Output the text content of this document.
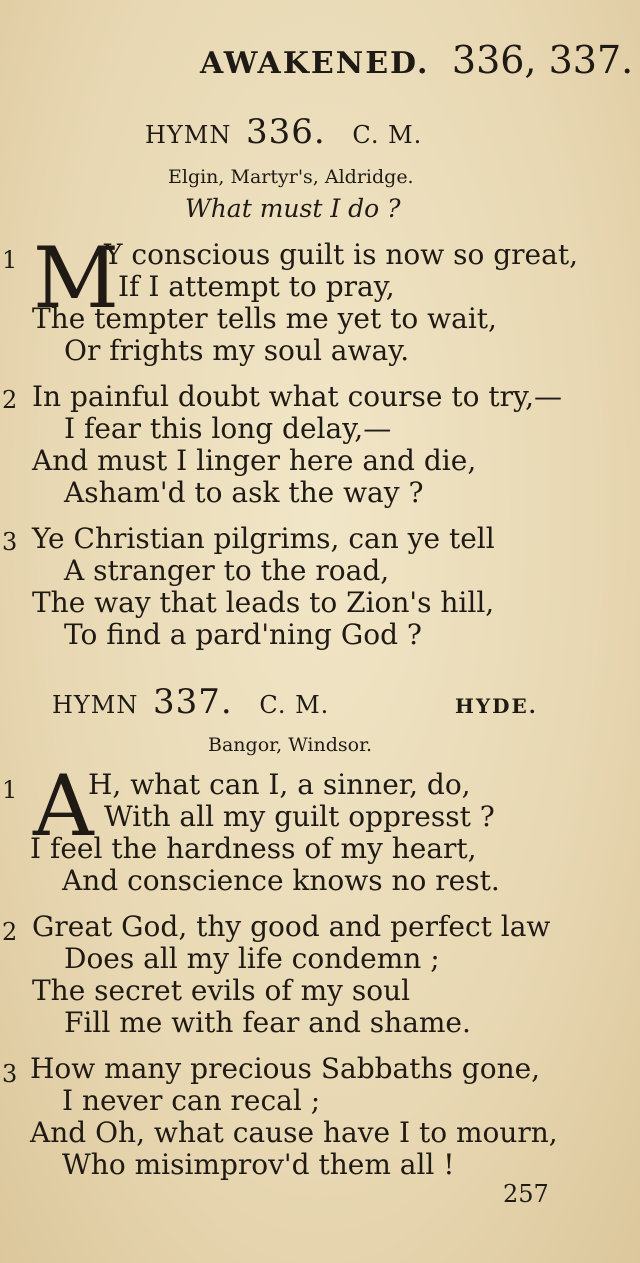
AWAKENED. 336, 337.
HYMN 336. C. M.
Elgin, Martyr's, Aldridge.
What must I do ?
1 M
Y conscious guilt is now so great,
If I attempt to pray,
The tempter tells me yet to wait,
Or frights my soul away.
2 In painful doubt what course to try,—
I fear this long delay,—
And must I linger here and die,
Asham'd to ask the way ?
3 Ye Christian pilgrims, can ye tell
A stranger to the road,
The way that leads to Zion's hill,
To find a pard'ning God ?
HYMN 337. C. M.	HYDE.
Bangor, Windsor.
1 A
H, what can I, a sinner, do,
With all my guilt oppresst ?
I feel the hardness of my heart,
And conscience knows no rest.
2 Great God, thy good and perfect law
Does all my life condemn ;
The secret evils of my soul
Fill me with fear and shame.
3 How many precious Sabbaths gone,
I never can recal ;
And Oh, what cause have I to mourn,
Who misimprov'd them all !
257
